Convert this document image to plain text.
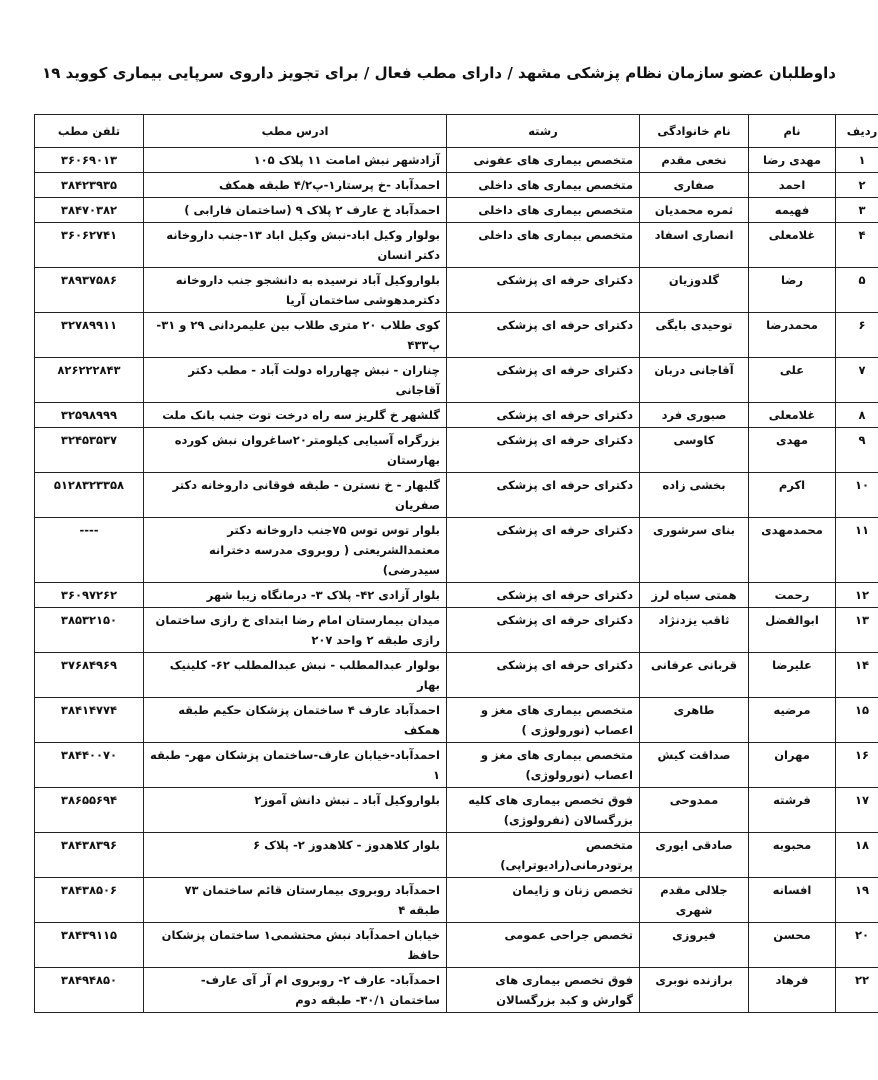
داوطلبان عضو سازمان نظام پزشکی مشهد / دارای مطب فعال / برای تجویز داروی سرپایی بیماری کووید ۱۹
ردیف	نام	نام خانوادگی	رشته	ادرس مطب	تلفن مطب
۱	مهدی رضا	نخعی مقدم	متخصص بیماری های عفونی	آزادشهر نبش امامت ۱۱ پلاک ۱۰۵	۳۶۰۶۹۰۱۳
۲	احمد	صفاری	متخصص بیماری های داخلی	احمدآباد -خ پرستار۱-پ۴/۲ طبقه همکف	۳۸۴۲۳۹۳۵
۳	فهیمه	ثمره محمدیان	متخصص بیماری های داخلی	احمدآباد خ عارف ۲ پلاک ۹ (ساختمان فارابی )	۳۸۴۷۰۳۸۲
۴	غلامعلی	انصاری اسفاد	متخصص بیماری های داخلی	بولوار وکیل اباد-نبش وکیل اباد ۱۳-جنب داروخانه دکتر انسان	۳۶۰۶۲۷۴۱
۵	رضا	گلدوزیان	دکترای حرفه ای پزشکی	بلواروکیل آباد نرسیده به دانشجو جنب داروخانه دکترمدهوشی ساختمان آریا	۳۸۹۳۷۵۸۶
۶	محمدرضا	توحیدی بایگی	دکترای حرفه ای پزشکی	کوی طلاب ۲۰ متری طلاب بین علیمردانی ۲۹ و ۳۱- پ۴۳۳	۳۲۷۸۹۹۱۱
۷	علی	آقاجانی دربان	دکترای حرفه ای پزشکی	چناران - نبش چهارراه دولت آباد - مطب دکتر آقاجانی	۸۲۶۲۲۲۸۴۳
۸	غلامعلی	صبوری فرد	دکترای حرفه ای پزشکی	گلشهر خ گلریز سه راه درخت توت جنب بانک ملت	۳۲۵۹۸۹۹۹
۹	مهدی	کاوسی	دکترای حرفه ای پزشکی	بزرگراه آسیایی کیلومتر۲۰ساغروان نبش کورده بهارستان	۳۲۴۵۳۵۳۷
۱۰	اکرم	بخشی زاده	دکترای حرفه ای پزشکی	گلبهار - خ نسترن - طبقه فوقانی داروخانه دکتر صفریان	۵۱۲۸۳۲۳۳۵۸
۱۱	محمدمهدی	بنای سرشوری	دکترای حرفه ای پزشکی	بلوار توس توس ۷۵جنب داروخانه دکتر معتمدالشریعتی ( روبروی مدرسه دخترانه سیدرضی)	----
۱۲	رحمت	همتی سیاه لرز	دکترای حرفه ای پزشکی	بلوار آزادی ۴۲- پلاک ۳- درمانگاه زیبا شهر	۳۶۰۹۷۲۶۲
۱۳	ابوالفضل	ثاقب یزدنژاد	دکترای حرفه ای پزشکی	میدان بیمارستان امام رضا ابتدای خ رازی ساختمان رازی طبقه ۲ واحد ۲۰۷	۳۸۵۳۲۱۵۰
۱۴	علیرضا	قربانی عرفانی	دکترای حرفه ای پزشکی	بولوار عبدالمطلب - نبش عبدالمطلب ۶۲- کلینیک بهار	۳۷۶۸۴۹۶۹
۱۵	مرضیه	طاهری	متخصص بیماری های مغز و اعصاب (نورولوژی )	احمدآباد عارف ۴ ساختمان پزشکان حکیم طبقه همکف	۳۸۴۱۴۷۷۴
۱۶	مهران	صداقت کیش	متخصص بیماری های مغز و اعصاب (نورولوژی)	احمدآباد-خیابان عارف-ساختمان پزشکان مهر- طبقه ۱	۳۸۴۴۰۰۷۰
۱۷	فرشته	ممدوحی	فوق تخصص بیماری های کلیه بزرگسالان (نفرولوژی)	بلواروکیل آباد ـ نبش دانش آموز۲	۳۸۶۵۵۶۹۴
۱۸	محبوبه	صادقی ایوری	متخصص پرتودرمانی(رادیوتراپی)	بلوار کلاهدوز - کلاهدوز ۲- پلاک ۶	۳۸۴۳۸۳۹۶
۱۹	افسانه	جلالی مقدم شهری	تخصص زنان و زایمان	احمدآباد روبروی بیمارستان قائم ساختمان ۷۳ طبقه ۴	۳۸۴۳۸۵۰۶
۲۰	محسن	فیروزی	تخصص جراحی عمومی	خیابان احمدآباد نبش محتشمی۱ ساختمان پزشکان حافظ	۳۸۴۳۹۱۱۵
۲۲	فرهاد	برازنده نوبری	فوق تخصص بیماری های گوارش و کبد بزرگسالان	احمدآباد- عارف ۲- روبروی ام آر آی عارف- ساختمان ۳۰/۱- طبقه دوم	۳۸۴۹۴۸۵۰
